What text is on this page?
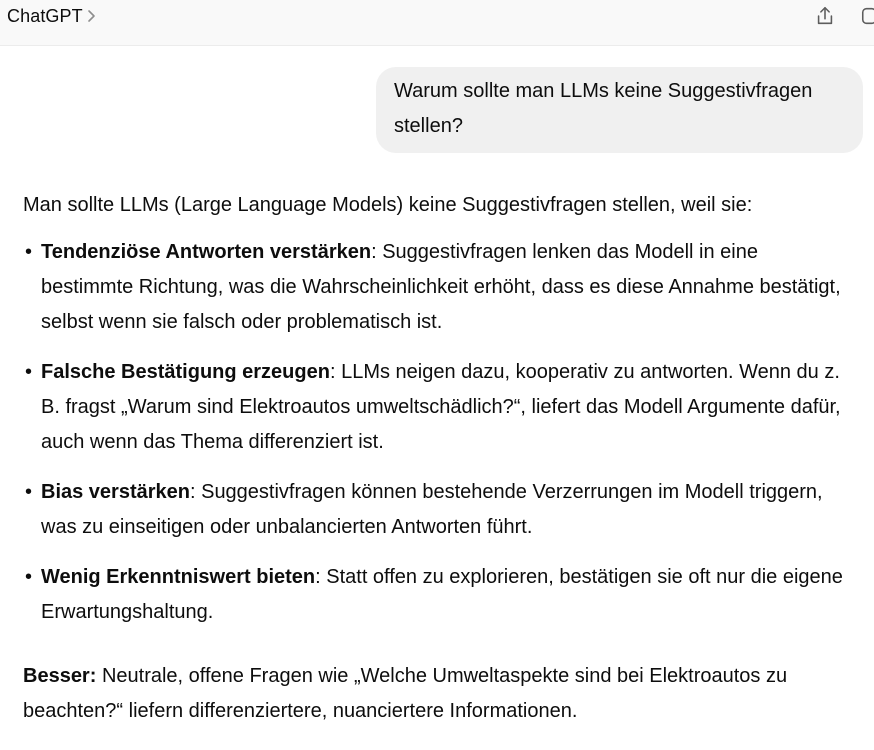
ChatGPT
Warum sollte man LLMs keine Suggestivfragen stellen?

Man sollte LLMs (Large Language Models) keine Suggestivfragen stellen, weil sie:

• Tendenziöse Antworten verstärken: Suggestivfragen lenken das Modell in eine bestimmte Richtung, was die Wahrscheinlichkeit erhöht, dass es diese Annahme bestätigt, selbst wenn sie falsch oder problematisch ist.
• Falsche Bestätigung erzeugen: LLMs neigen dazu, kooperativ zu antworten. Wenn du z. B. fragst „Warum sind Elektroautos umweltschädlich?“, liefert das Modell Argumente dafür, auch wenn das Thema differenziert ist.
• Bias verstärken: Suggestivfragen können bestehende Verzerrungen im Modell triggern, was zu einseitigen oder unbalancierten Antworten führt.
• Wenig Erkenntniswert bieten: Statt offen zu explorieren, bestätigen sie oft nur die eigene Erwartungshaltung.

Besser: Neutrale, offene Fragen wie „Welche Umweltaspekte sind bei Elektroautos zu beachten?“ liefern differenziertere, nuanciertere Informationen.
